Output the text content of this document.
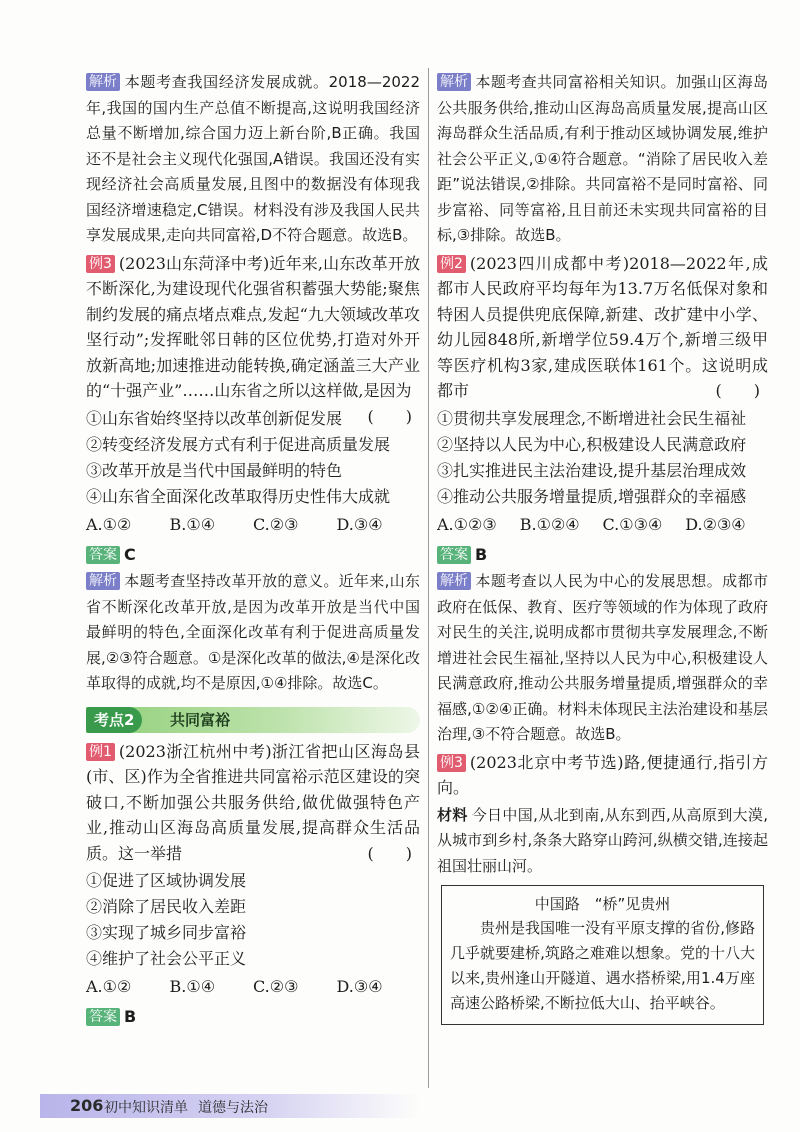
解析 本题考查我国经济发展成就。2018—2022年,我国的国内生产总值不断提高,这说明我国经济总量不断增加,综合国力迈上新台阶,B正确。我国还不是社会主义现代化强国,A错误。我国还没有实现经济社会高质量发展,且图中的数据没有体现我国经济增速稳定,C错误。材料没有涉及我国人民共享发展成果,走向共同富裕,D不符合题意。故选B。

例3 (2023山东菏泽中考)近年来,山东改革开放不断深化,为建设现代化强省积蓄强大势能;聚焦制约发展的痛点堵点难点,发起“九大领域改革攻坚行动”;发挥毗邻日韩的区位优势,打造对外开放新高地;加速推进动能转换,确定涵盖三大产业的“十强产业”……山东省之所以这样做,是因为
(　　)

①山东省始终坚持以改革创新促发展

②转变经济发展方式有利于促进高质量发展

③改革开放是当代中国最鲜明的特色

④山东省全面深化改革取得历史性伟大成就

A.①②	B.①④	C.②③	D.③④

答案 C

解析 本题考查坚持改革开放的意义。近年来,山东省不断深化改革开放,是因为改革开放是当代中国最鲜明的特色,全面深化改革有利于促进高质量发展,②③符合题意。①是深化改革的做法,④是深化改革取得的成就,均不是原因,①④排除。故选C。

考点2	共同富裕

例1 (2023浙江杭州中考)浙江省把山区海岛县(市、区)作为全省推进共同富裕示范区建设的突破口,不断加强公共服务供给,做优做强特色产业,推动山区海岛高质量发展,提高群众生活品质。这一举措	(　　)

①促进了区域协调发展

②消除了居民收入差距

③实现了城乡同步富裕

④维护了社会公平正义

A.①②	B.①④	C.②③	D.③④

答案 B

解析 本题考查共同富裕相关知识。加强山区海岛公共服务供给,推动山区海岛高质量发展,提高山区海岛群众生活品质,有利于推动区域协调发展,维护社会公平正义,①④符合题意。“消除了居民收入差距”说法错误,②排除。共同富裕不是同时富裕、同步富裕、同等富裕,且目前还未实现共同富裕的目标,③排除。故选B。

例2 (2023四川成都中考)2018—2022年,成都市人民政府平均每年为13.7万名低保对象和特困人员提供兜底保障,新建、改扩建中小学、幼儿园848所,新增学位59.4万个,新增三级甲等医疗机构3家,建成医联体161个。这说明成都市	(　　)

①贯彻共享发展理念,不断增进社会民生福祉

②坚持以人民为中心,积极建设人民满意政府

③扎实推进民主法治建设,提升基层治理成效

④推动公共服务增量提质,增强群众的幸福感

A.①②③	B.①②④	C.①③④	D.②③④

答案 B

解析 本题考查以人民为中心的发展思想。成都市政府在低保、教育、医疗等领域的作为体现了政府对民生的关注,说明成都市贯彻共享发展理念,不断增进社会民生福祉,坚持以人民为中心,积极建设人民满意政府,推动公共服务增量提质,增强群众的幸福感,①②④正确。材料未体现民主法治建设和基层治理,③不符合题意。故选B。

例3 (2023北京中考节选)路,便捷通行,指引方向。

材料 今日中国,从北到南,从东到西,从高原到大漠,从城市到乡村,条条大路穿山跨河,纵横交错,连接起祖国壮丽山河。

中国路　“桥”见贵州
贵州是我国唯一没有平原支撑的省份,修路几乎就要建桥,筑路之难难以想象。党的十八大以来,贵州逢山开隧道、遇水搭桥梁,用1.4万座高速公路桥梁,不断拉低大山、抬平峡谷。
206 初中知识清单 道德与法治
